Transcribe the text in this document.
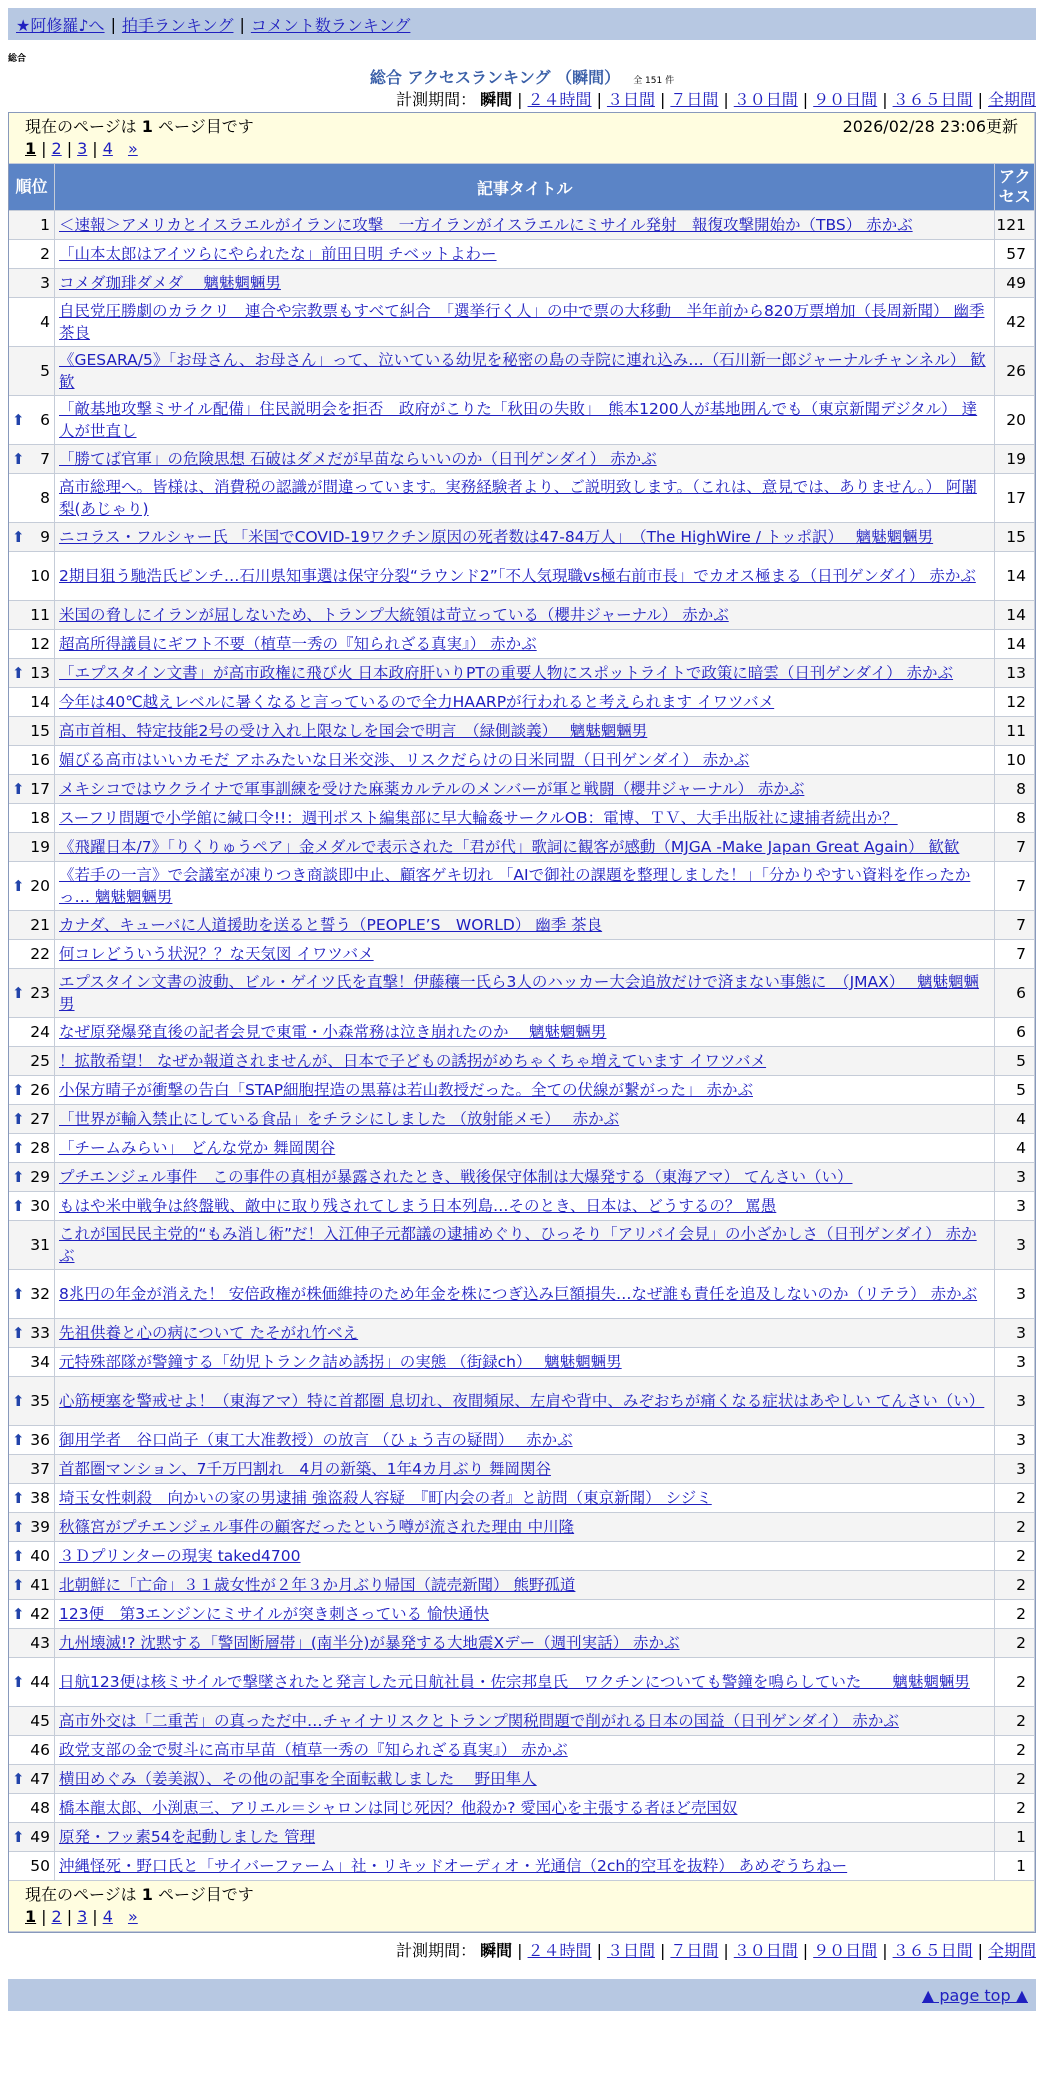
★阿修羅♪へ | 拍手ランキング | コメント数ランキング
総合
総合 アクセスランキング （瞬間） 全 151 件
計測期間： 瞬間 | ２４時間 | ３日間 | ７日間 | ３０日間 | ９０日間 | ３６５日間 | 全期間
現在のページは 1 ページ目です 2026/02/28 23:06更新
1 | 2 | 3 | 4 »		

順位	記事タイトル	アクセス
1	＜速報＞アメリカとイスラエルがイランに攻撃　一方イランがイスラエルにミサイル発射　報復攻撃開始か（TBS） 赤かぶ	121
2	「山本太郎はアイツらにやられたな」前田日明 チベットよわー	57
3	コメダ珈琲ダメダ　 魑魅魍魎男	49
4	自民党圧勝劇のカラクリ　連合や宗教票もすべて糾合　「選挙行く人」の中で票の大移動　半年前から820万票増加（長周新聞） 幽季 茶良	42
5	《GESARA/5》「お母さん、お母さん」って、泣いている幼児を秘密の島の寺院に連れ込み…（石川新一郎ジャーナルチャンネル） 歓歓	26

⬆ 6	「敵基地攻撃ミサイル配備」住民説明会を拒否　政府がこりた「秋田の失敗」　熊本1200人が基地囲んでも（東京新聞デジタル） 達人が世直し	20

⬆ 7	「勝てば官軍」の危険思想 石破はダメだが早苗ならいいのか（日刊ゲンダイ） 赤かぶ	19
8	高市総理へ。皆様は、消費税の認識が間違っています。実務経験者より、ご説明致します。（これは、意見では、ありません。） 阿闍梨(あじゃり)	17

⬆ 9	ニコラス・フルシャー氏 「米国でCOVID-19ワクチン原因の死者数は47-84万人」　（The HighWire / トッポ訳）　 魑魅魍魎男	15
10	2期目狙う馳浩氏ピンチ…石川県知事選は保守分裂“ラウンド2”「不人気現職vs極右前市長」でカオス極まる（日刊ゲンダイ） 赤かぶ	14
11	米国の脅しにイランが屈しないため、トランプ大統領は苛立っている（櫻井ジャーナル） 赤かぶ	14
12	超高所得議員にギフト不要（植草一秀の『知られざる真実』） 赤かぶ	14

⬆ 13	「エプスタイン文書」が高市政権に飛び火 日本政府肝いりPTの重要人物にスポットライトで政策に暗雲（日刊ゲンダイ） 赤かぶ	13
14	今年は40℃越えレベルに暑くなると言っているので全力HAARPが行われると考えられます イワツバメ	12
15	高市首相、特定技能2号の受け入れ上限なしを国会で明言　（緑側談義）　 魑魅魍魎男	11
16	媚びる高市はいいカモだ アホみたいな日米交渉、リスクだらけの日米同盟（日刊ゲンダイ） 赤かぶ	10

⬆ 17	メキシコではウクライナで軍事訓練を受けた麻薬カルテルのメンバーが軍と戦闘（櫻井ジャーナル） 赤かぶ	8
18	スーフリ問題で小学館に緘口令!!：週刊ポスト編集部に早大輪姦サークルOB：電博、ＴＶ、大手出版社に逮捕者続出か？	8
19	《飛躍日本/7》「りくりゅうペア」金メダルで表示された「君が代」歌詞に観客が感動（MJGA -Make Japan Great Again） 歓歓	7

⬆ 20	《若手の一言》で会議室が凍りつき商談即中止、顧客ゲキ切れ 「AIで御社の課題を整理しました！」「分かりやすい資料を作ったかっ… 魑魅魍魎男	7
21	カナダ、キューバに人道援助を送ると誓う（PEOPLE’S　WORLD） 幽季 茶良	7
22	何コレどういう状況？？な天気図 イワツバメ	7

⬆ 23	エプスタイン文書の波動、ビル・ゲイツ氏を直撃！伊藤穰一氏ら3人のハッカー大会追放だけで済まない事態に　（JMAX）　 魑魅魍魎男	6
24	なぜ原発爆発直後の記者会見で東電・小森常務は泣き崩れたのか　 魑魅魍魎男	6
25	！拡散希望！ なぜか報道されませんが、日本で子どもの誘拐がめちゃくちゃ増えています イワツバメ	5

⬆ 26	小保方晴子が衝撃の告白「STAP細胞捏造の黒幕は若山教授だった。全ての伏線が繋がった」 赤かぶ	5

⬆ 27	「世界が輸入禁止にしている食品」をチラシにしました （放射能メモ）　 赤かぶ	4

⬆ 28	「チームみらい」　どんな党か 舞岡関谷	4

⬆ 29	プチエンジェル事件　この事件の真相が暴露されたとき、戦後保守体制は大爆発する（東海アマ） てんさい（い）	3

⬆ 30	もはや米中戦争は終盤戦、敵中に取り残されてしまう日本列島…そのとき、日本は、どうするの？ 罵愚	3
31	これが国民民主党的“もみ消し術”だ！入江伸子元都議の逮捕めぐり、ひっそり「アリバイ会見」の小ざかしさ（日刊ゲンダイ） 赤かぶ	3

⬆ 32	8兆円の年金が消えた！ 安倍政権が株価維持のため年金を株につぎ込み巨額損失…なぜ誰も責任を追及しないのか（リテラ） 赤かぶ	3

⬆ 33	先祖供養と心の病について たそがれ竹べえ	3
34	元特殊部隊が警鐘する「幼児トランク詰め誘拐」の実態 （街録ch）　 魑魅魍魎男	3

⬆ 35	心筋梗塞を警戒せよ！（東海アマ）特に首都圏 息切れ、夜間頻尿、左肩や背中、みぞおちが痛くなる症状はあやしい てんさい（い）	3

⬆ 36	御用学者　谷口尚子（東工大准教授）の放言 （ひょう吉の疑問）　 赤かぶ	3
37	首都圏マンション、7千万円割れ　4月の新築、1年4カ月ぶり 舞岡関谷	3

⬆ 38	埼玉女性刺殺　向かいの家の男逮捕 強盗殺人容疑　『町内会の者』と訪問（東京新聞） シジミ	2

⬆ 39	秋篠宮がプチエンジェル事件の顧客だったという噂が流された理由 中川隆	2

⬆ 40	３Ｄプリンターの現実 taked4700	2

⬆ 41	北朝鮮に「亡命」３１歳女性が２年３か月ぶり帰国（読売新聞） 熊野孤道	2

⬆ 42	123便　第3エンジンにミサイルが突き刺さっている 愉快通快	2
43	九州壊滅!? 沈黙する「警固断層帯」(南半分)が暴発する大地震Xデー（週刊実話） 赤かぶ	2

⬆ 44	日航123便は核ミサイルで撃墜されたと発言した元日航社員・佐宗邦皇氏　ワクチンについても警鐘を鳴らしていた　　魑魅魍魎男	2
45	高市外交は「二重苦」の真っただ中…チャイナリスクとトランプ関税問題で削がれる日本の国益（日刊ゲンダイ） 赤かぶ	2
46	政党支部の金で熨斗に高市早苗（植草一秀の『知られざる真実』） 赤かぶ	2

⬆ 47	横田めぐみ（姜美淑）、その他の記事を全面転載しました　 野田隼人	2
48	橋本龍太郎、小渕恵三、アリエル＝シャロンは同じ死因？他殺か? 愛国心を主張する者ほど売国奴	2

⬆ 49	原発・フッ素54を起動しました 管理	1
50	沖縄怪死・野口氏と「サイバーファーム」社・リキッドオーディオ・光通信（2ch的空耳を抜粋） あめぞうちねー	1

現在のページは 1 ページ目です
1 | 2 | 3 | 4 »		
計測期間： 瞬間 | ２４時間 | ３日間 | ７日間 | ３０日間 | ９０日間 | ３６５日間 | 全期間
▲ page top ▲
